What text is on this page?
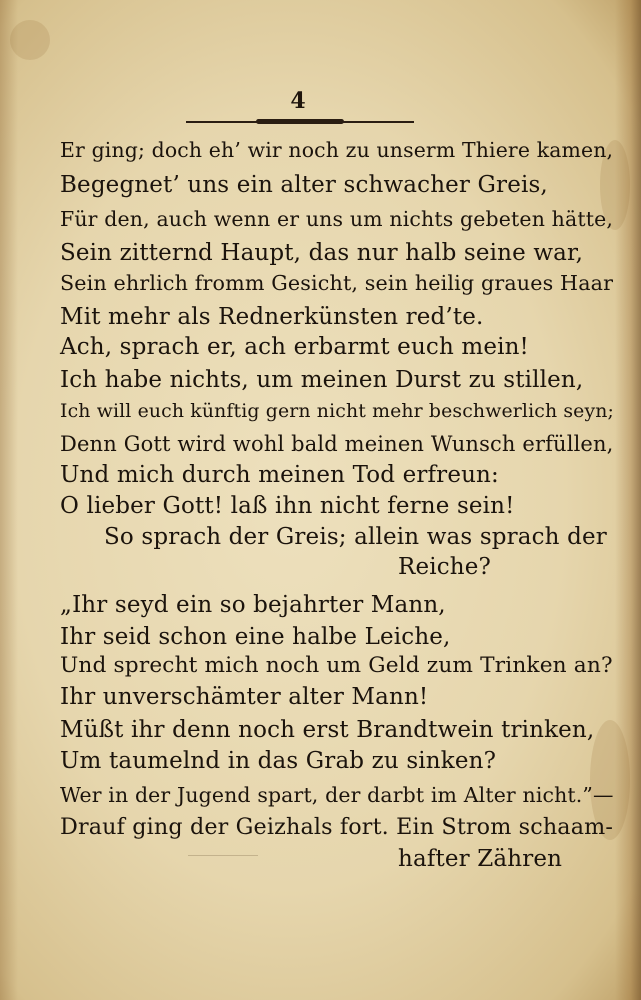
4
Er ging; doch eh’ wir noch zu unserm Thiere kamen,
Begegnet’ uns ein alter schwacher Greis,
Für den, auch wenn er uns um nichts gebeten hätte,
Sein zitternd Haupt, das nur halb seine war,
Sein ehrlich fromm Gesicht, sein heilig graues Haar
Mit mehr als Rednerkünsten red’te.
Ach, sprach er, ach erbarmt euch mein!
Ich habe nichts, um meinen Durst zu stillen,
Ich will euch künftig gern nicht mehr beschwerlich seyn;
Denn Gott wird wohl bald meinen Wunsch erfüllen,
Und mich durch meinen Tod erfreun:
O lieber Gott! laß ihn nicht ferne sein!
So sprach der Greis; allein was sprach der
Reiche?
„Ihr seyd ein so bejahrter Mann,
Ihr seid schon eine halbe Leiche,
Und sprecht mich noch um Geld zum Trinken an?
Ihr unverschämter alter Mann!
Müßt ihr denn noch erst Brandtwein trinken,
Um taumelnd in das Grab zu sinken?
Wer in der Jugend spart, der darbt im Alter nicht.”—
Drauf ging der Geizhals fort. Ein Strom schaam-
hafter Zähren
